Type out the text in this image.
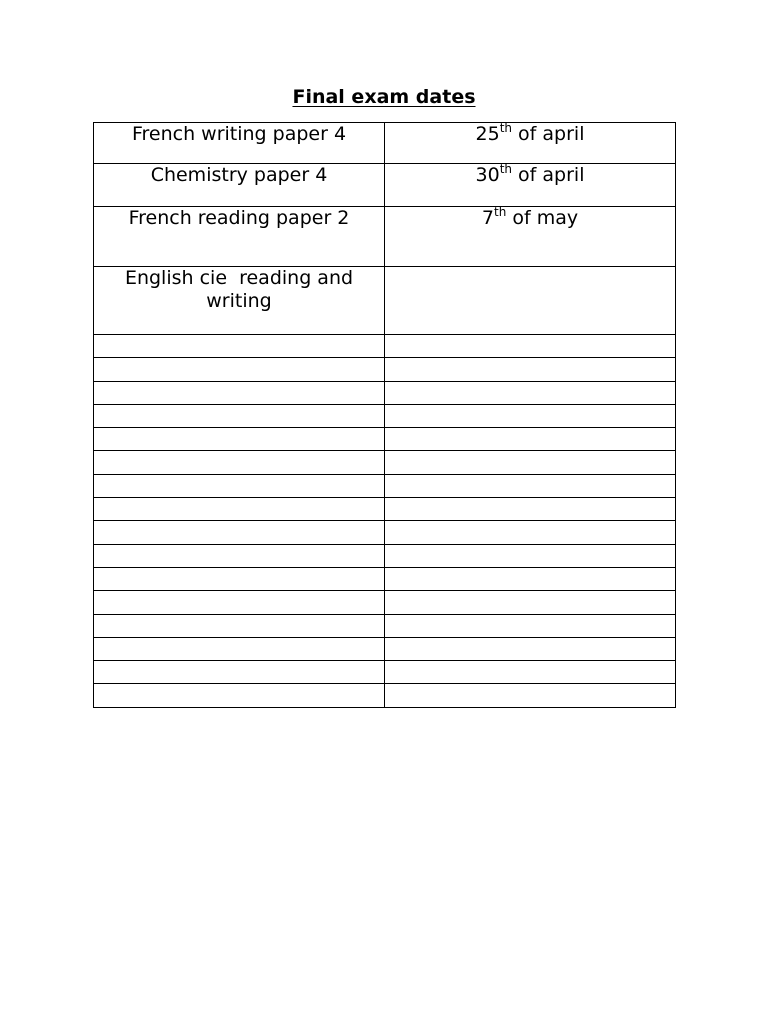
Final exam dates
French writing paper 4	25th of april

Chemistry paper 4	30th of april

French reading paper 2	7th of may

English cie  reading and writing	
